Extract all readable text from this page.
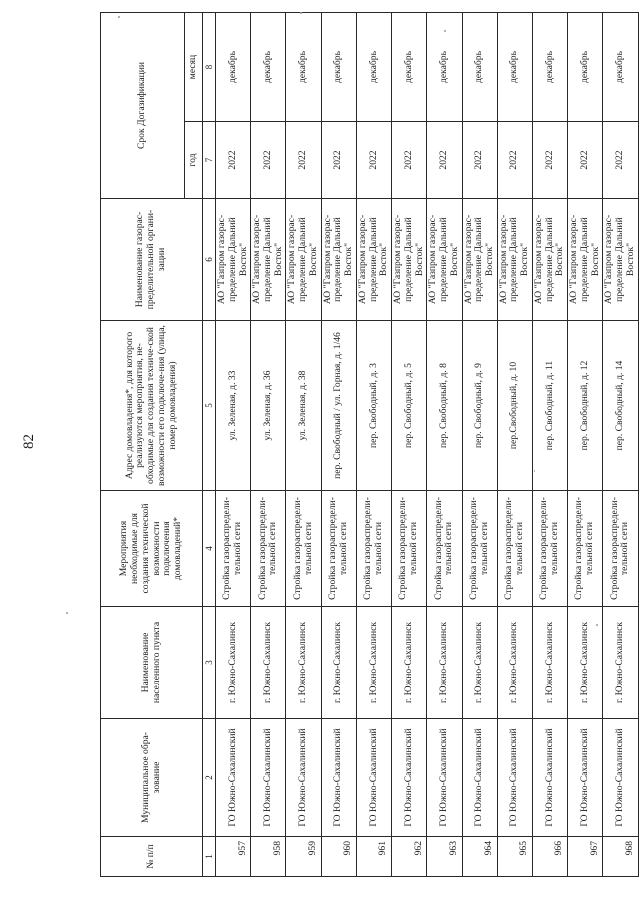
82
№ п/п	Муниципальное обра-зование	Наименование населенного пункта	Мероприятия необходимые для создания технической возможности подключения домовладений*	Адрес домовладения*, для которого реализуются мероприятия, не-обходимые для создания техниче-ской возможности его подключе-ния (улица, номер домовладения)	Наименование газорас-пределительной органи-зации	Срок Догазификации	
						год	месяц
1	2	3	4	5	6	7	8
957	ГО Южно-Сахалинский	г. Южно-Сахалинск	Стройка газораспредели-тельной сети	ул. Зеленая, д. 33	АО "Газпром газорас-пределение Дальний Восток"	2022	декабрь
958	ГО Южно-Сахалинский	г. Южно-Сахалинск	Стройка газораспредели-тельной сети	ул. Зеленая, д. 36	АО "Газпром газорас-пределение Дальний Восток"	2022	декабрь
959	ГО Южно-Сахалинский	г. Южно-Сахалинск	Стройка газораспредели-тельной сети	ул. Зеленая, д. 38	АО "Газпром газорас-пределение Дальний Восток"	2022	декабрь
960	ГО Южно-Сахалинский	г. Южно-Сахалинск	Стройка газораспредели-тельной сети	пер. Свободный / ул. Горная, д. 1/46	АО "Газпром газорас-пределение Дальний Восток"	2022	декабрь
961	ГО Южно-Сахалинский	г. Южно-Сахалинск	Стройка газораспредели-тельной сети	пер. Свободный, д. 3	АО "Газпром газорас-пределение Дальний Восток"	2022	декабрь
962	ГО Южно-Сахалинский	г. Южно-Сахалинск	Стройка газораспредели-тельной сети	пер. Свободный, д. 5	АО "Газпром газорас-пределение Дальний Восток"	2022	декабрь
963	ГО Южно-Сахалинский	г. Южно-Сахалинск	Стройка газораспредели-тельной сети	пер. Свободный, д. 8	АО "Газпром газорас-пределение Дальний Восток"	2022	декабрь
964	ГО Южно-Сахалинский	г. Южно-Сахалинск	Стройка газораспредели-тельной сети	пер. Свободный, д. 9	АО "Газпром газорас-пределение Дальний Восток"	2022	декабрь
965	ГО Южно-Сахалинский	г. Южно-Сахалинск	Стройка газораспредели-тельной сети	пер.Свободный, д. 10	АО "Газпром газорас-пределение Дальний Восток"	2022	декабрь
966	ГО Южно-Сахалинский	г. Южно-Сахалинск	Стройка газораспредели-тельной сети	пер. Свободный, д. 11	АО "Газпром газорас-пределение Дальний Восток"	2022	декабрь
967	ГО Южно-Сахалинский	г. Южно-Сахалинск	Стройка газораспредели-тельной сети	пер. Свободный, д. 12	АО "Газпром газорас-пределение Дальний Восток"	2022	декабрь
968	ГО Южно-Сахалинский	г. Южно-Сахалинск	Стройка газораспредели-тельной сети	пер. Свободный, д. 14	АО "Газпром газорас-пределение Дальний Восток"	2022	декабрь
